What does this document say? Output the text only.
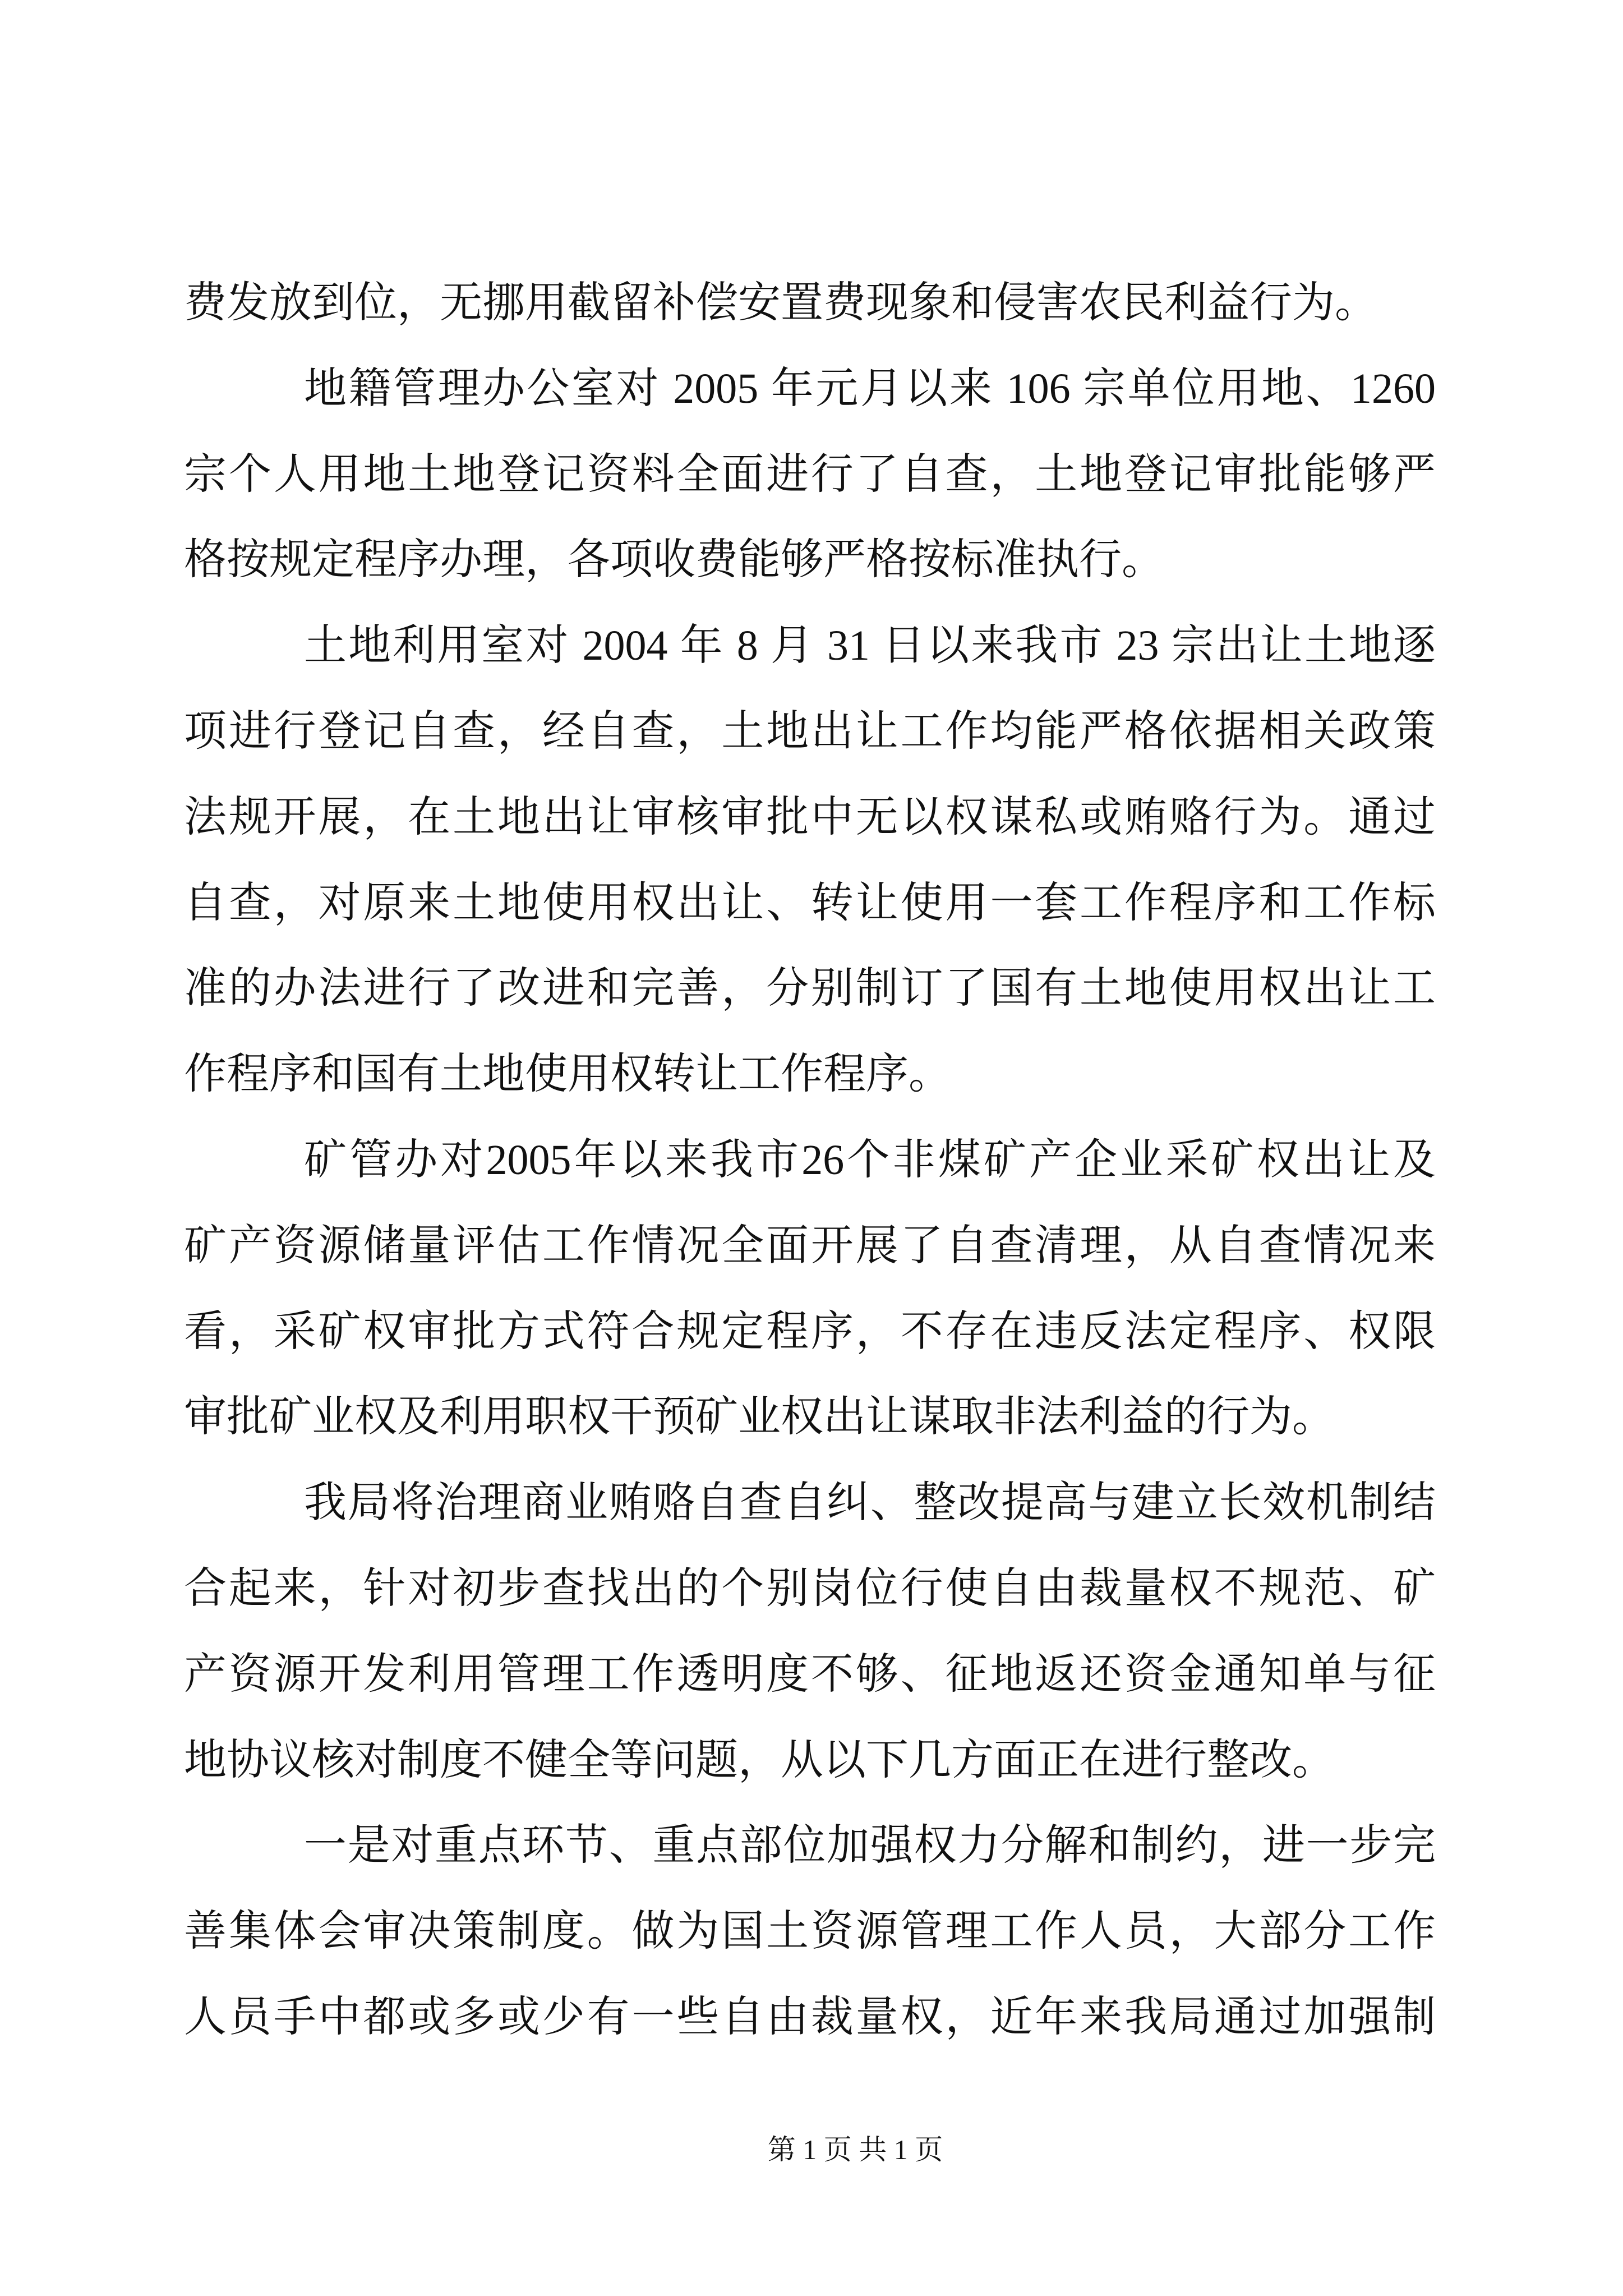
费发放到位，无挪用截留补偿安置费现象和侵害农民利益行为。
地籍管理办公室对 2005 年元月以来 106 宗单位用地、1260
宗个人用地土地登记资料全面进行了自查，土地登记审批能够严
格按规定程序办理，各项收费能够严格按标准执行。
土地利用室对 2004 年 8 月 31 日以来我市 23 宗出让土地逐
项进行登记自查，经自查，土地出让工作均能严格依据相关政策
法规开展，在土地出让审核审批中无以权谋私或贿赂行为。通过
自查，对原来土地使用权出让、转让使用一套工作程序和工作标
准的办法进行了改进和完善，分别制订了国有土地使用权出让工
作程序和国有土地使用权转让工作程序。
矿管办对2005年以来我市26个非煤矿产企业采矿权出让及
矿产资源储量评估工作情况全面开展了自查清理，从自查情况来
看，采矿权审批方式符合规定程序，不存在违反法定程序、权限
审批矿业权及利用职权干预矿业权出让谋取非法利益的行为。
我局将治理商业贿赂自查自纠、整改提高与建立长效机制结
合起来，针对初步查找出的个别岗位行使自由裁量权不规范、矿
产资源开发利用管理工作透明度不够、征地返还资金通知单与征
地协议核对制度不健全等问题，从以下几方面正在进行整改。
一是对重点环节、重点部位加强权力分解和制约，进一步完
善集体会审决策制度。做为国土资源管理工作人员，大部分工作
人员手中都或多或少有一些自由裁量权，近年来我局通过加强制
第 1 页 共 1 页
